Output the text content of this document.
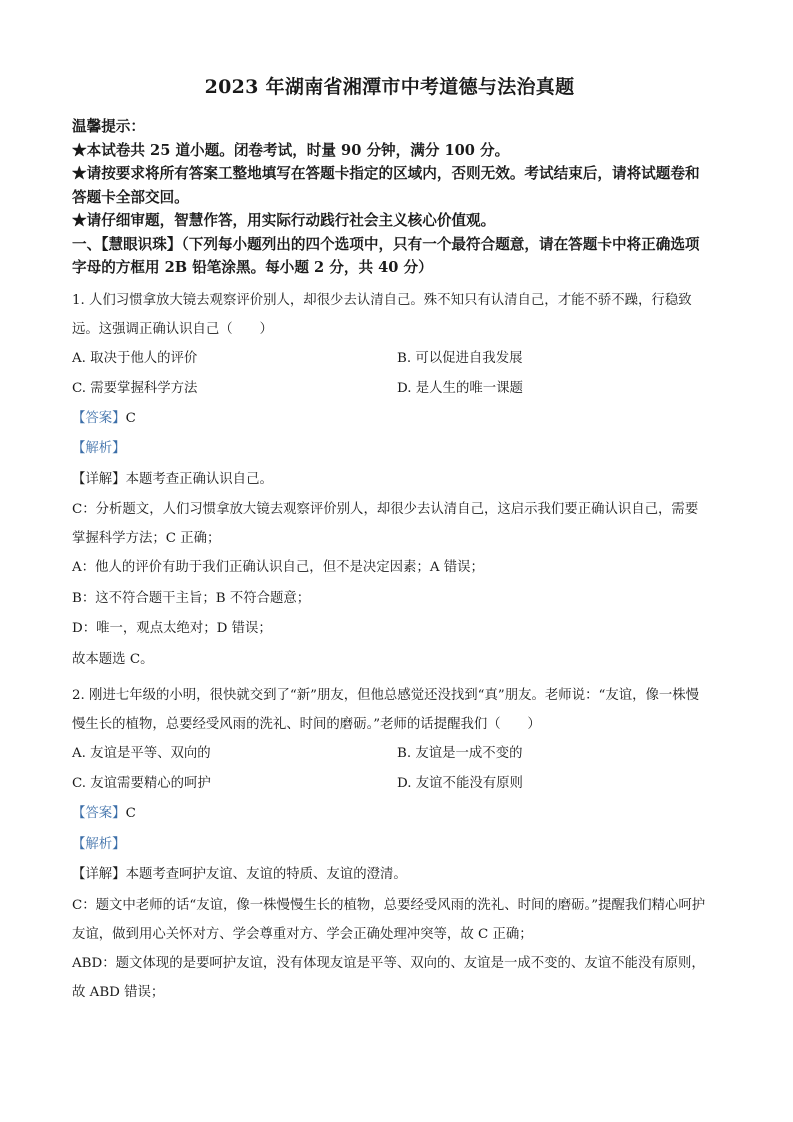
2023 年湖南省湘潭市中考道德与法治真题
温馨提示：
★本试卷共 25 道小题。闭卷考试，时量 90 分钟，满分 100 分。
★请按要求将所有答案工整地填写在答题卡指定的区域内，否则无效。考试结束后，请将试题卷和答题卡全部交回。
★请仔细审题，智慧作答，用实际行动践行社会主义核心价值观。
一、【慧眼识珠】（下列每小题列出的四个选项中，只有一个最符合题意，请在答题卡中将正确选项字母的方框用 2B 铅笔涂黑。每小题 2 分，共 40 分）
1. 人们习惯拿放大镜去观察评价别人，却很少去认清自己。殊不知只有认清自己，才能不骄不躁，行稳致远。这强调正确认识自己（　　）
A. 取决于他人的评价	B. 可以促进自我发展
C. 需要掌握科学方法	D. 是人生的唯一课题
【答案】C
【解析】
【详解】本题考查正确认识自己。
C：分析题文，人们习惯拿放大镜去观察评价别人，却很少去认清自己，这启示我们要正确认识自己，需要掌握科学方法；C 正确；
A：他人的评价有助于我们正确认识自己，但不是决定因素；A 错误；
B：这不符合题干主旨；B 不符合题意；
D：唯一，观点太绝对；D 错误；
故本题选 C。
2. 刚进七年级的小明，很快就交到了“新”朋友，但他总感觉还没找到“真”朋友。老师说：“友谊，像一株慢慢生长的植物，总要经受风雨的洗礼、时间的磨砺。”老师的话提醒我们（　　）
A. 友谊是平等、双向的	B. 友谊是一成不变的
C. 友谊需要精心的呵护	D. 友谊不能没有原则
【答案】C
【解析】
【详解】本题考查呵护友谊、友谊的特质、友谊的澄清。
C：题文中老师的话“友谊，像一株慢慢生长的植物，总要经受风雨的洗礼、时间的磨砺。”提醒我们精心呵护友谊，做到用心关怀对方、学会尊重对方、学会正确处理冲突等，故 C 正确；
ABD：题文体现的是要呵护友谊，没有体现友谊是平等、双向的、友谊是一成不变的、友谊不能没有原则，故 ABD 错误；
